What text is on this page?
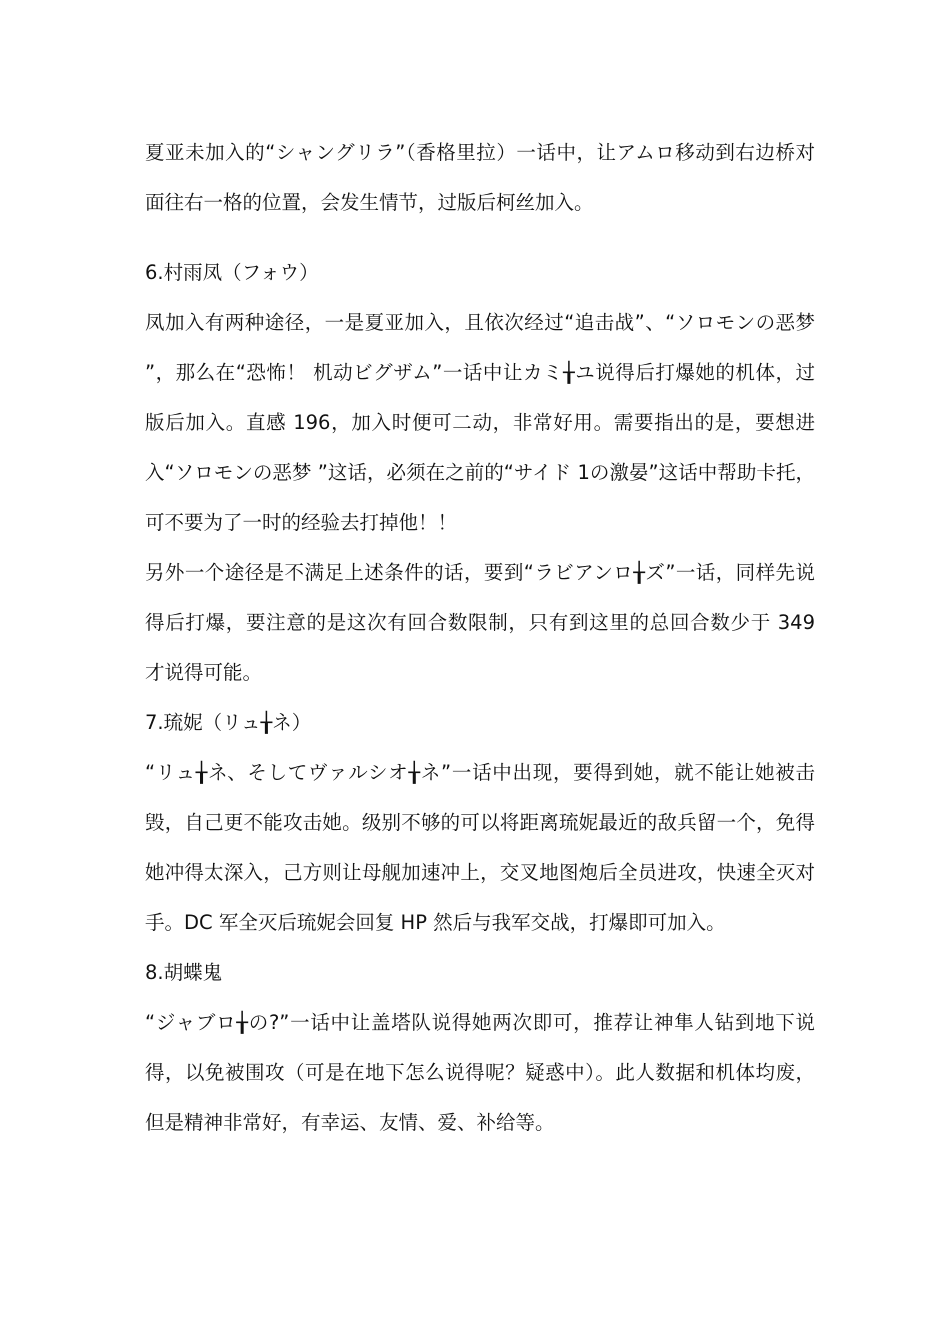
夏亚未加入的“シャングリラ”（香格里拉）一话中，让アムロ移动到右边桥对面往右一格的位置，会发生情节，过版后柯丝加入。

6.村雨凤（フォウ）

凤加入有两种途径，一是夏亚加入，且依次经过“追击战”、“ソロモンの恶梦 ”，那么在“恐怖！ 机动ビグザム”一话中让カミ╁ユ说得后打爆她的机体，过版后加入。直感 196，加入时便可二动，非常好用。需要指出的是，要想进入“ソロモンの恶梦 ”这话，必须在之前的“サイド 1の激晏”这话中帮助卡托，可不要为了一时的经验去打掉他！！

另外一个途径是不满足上述条件的话，要到“ラビアンロ╁ズ”一话，同样先说得后打爆，要注意的是这次有回合数限制，只有到这里的总回合数少于 349 才说得可能。

7.琉妮（リュ╁ネ）

“リュ╁ネ、そしてヴァルシオ╁ネ”一话中出现，要得到她，就不能让她被击毁，自己更不能攻击她。级别不够的可以将距离琉妮最近的敌兵留一个，免得她冲得太深入，己方则让母舰加速冲上，交叉地图炮后全员进攻，快速全灭对手。DC 军全灭后琉妮会回复 HP 然后与我军交战，打爆即可加入。

8.胡蝶鬼

“ジャブロ╁の?”一话中让盖塔队说得她两次即可，推荐让神隼人钻到地下说得，以免被围攻（可是在地下怎么说得呢？疑惑中）。此人数据和机体均废，但是精神非常好，有幸运、友情、爱、补给等。
